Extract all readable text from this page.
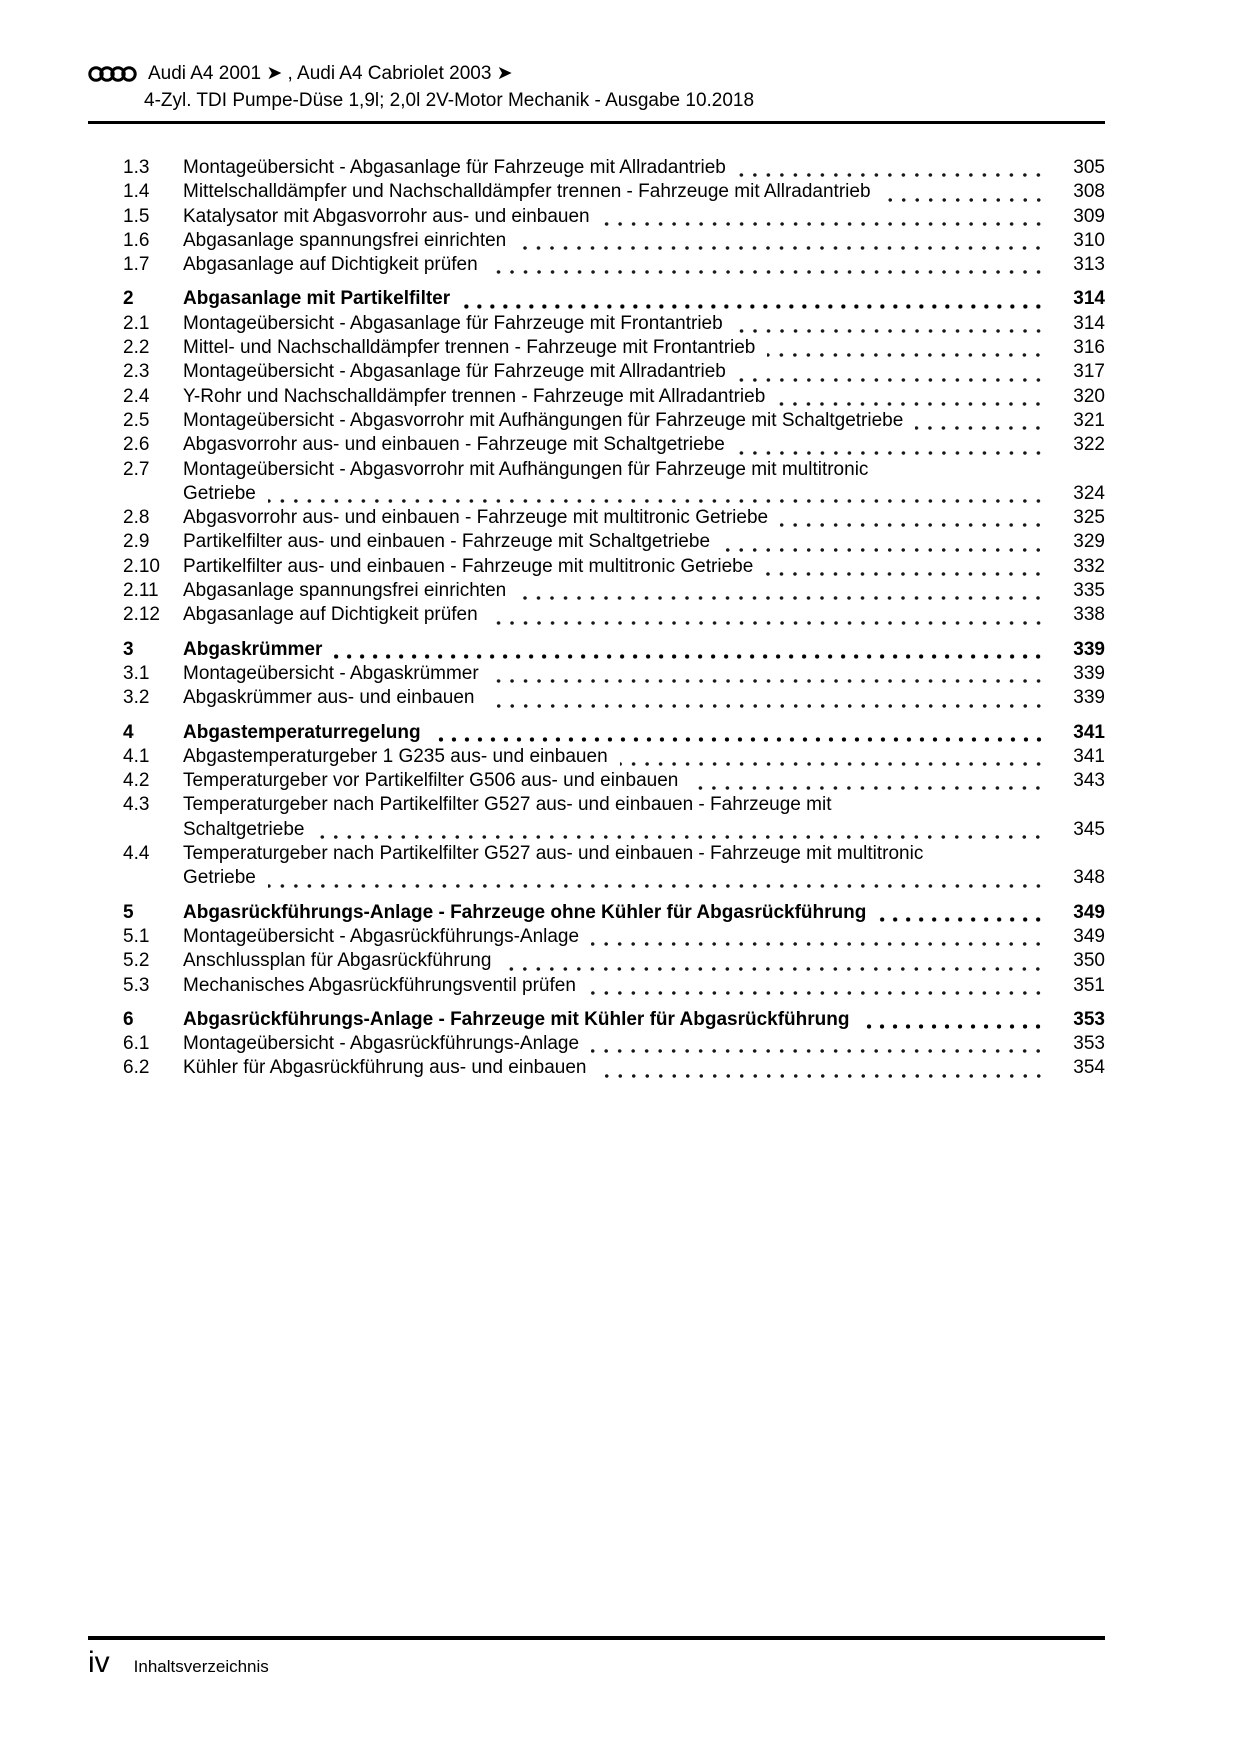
Audi A4 2001 ➤ , Audi A4 Cabriolet 2003 ➤
4-Zyl. TDI Pumpe-Düse 1,9l; 2,0l 2V-Motor Mechanik - Ausgabe 10.2018
1.3	Montageübersicht - Abgasanlage für Fahrzeuge mit Allradantrieb	305
1.4	Mittelschalldämpfer und Nachschalldämpfer trennen - Fahrzeuge mit Allradantrieb	308
1.5	Katalysator mit Abgasvorrohr aus- und einbauen	309
1.6	Abgasanlage spannungsfrei einrichten	310
1.7	Abgasanlage auf Dichtigkeit prüfen	313
2	Abgasanlage mit Partikelfilter	314
2.1	Montageübersicht - Abgasanlage für Fahrzeuge mit Frontantrieb	314
2.2	Mittel- und Nachschalldämpfer trennen - Fahrzeuge mit Frontantrieb	316
2.3	Montageübersicht - Abgasanlage für Fahrzeuge mit Allradantrieb	317
2.4	Y-Rohr und Nachschalldämpfer trennen - Fahrzeuge mit Allradantrieb	320
2.5	Montageübersicht - Abgasvorrohr mit Aufhängungen für Fahrzeuge mit Schaltgetriebe	321
2.6	Abgasvorrohr aus- und einbauen - Fahrzeuge mit Schaltgetriebe	322
2.7	Montageübersicht - Abgasvorrohr mit Aufhängungen für Fahrzeuge mit multitronic
Getriebe	324
2.8	Abgasvorrohr aus- und einbauen - Fahrzeuge mit multitronic Getriebe	325
2.9	Partikelfilter aus- und einbauen - Fahrzeuge mit Schaltgetriebe	329
2.10	Partikelfilter aus- und einbauen - Fahrzeuge mit multitronic Getriebe	332
2.11	Abgasanlage spannungsfrei einrichten	335
2.12	Abgasanlage auf Dichtigkeit prüfen	338
3	Abgaskrümmer	339
3.1	Montageübersicht - Abgaskrümmer	339
3.2	Abgaskrümmer aus- und einbauen	339
4	Abgastemperaturregelung	341
4.1	Abgastemperaturgeber 1 G235 aus- und einbauen	341
4.2	Temperaturgeber vor Partikelfilter G506 aus- und einbauen	343
4.3	Temperaturgeber nach Partikelfilter G527 aus- und einbauen - Fahrzeuge mit
Schaltgetriebe	345
4.4	Temperaturgeber nach Partikelfilter G527 aus- und einbauen - Fahrzeuge mit multitronic
Getriebe	348
5	Abgasrückführungs-Anlage - Fahrzeuge ohne Kühler für Abgasrückführung	349
5.1	Montageübersicht - Abgasrückführungs-Anlage	349
5.2	Anschlussplan für Abgasrückführung	350
5.3	Mechanisches Abgasrückführungsventil prüfen	351
6	Abgasrückführungs-Anlage - Fahrzeuge mit Kühler für Abgasrückführung	353
6.1	Montageübersicht - Abgasrückführungs-Anlage	353
6.2	Kühler für Abgasrückführung aus- und einbauen	354
iv Inhaltsverzeichnis
